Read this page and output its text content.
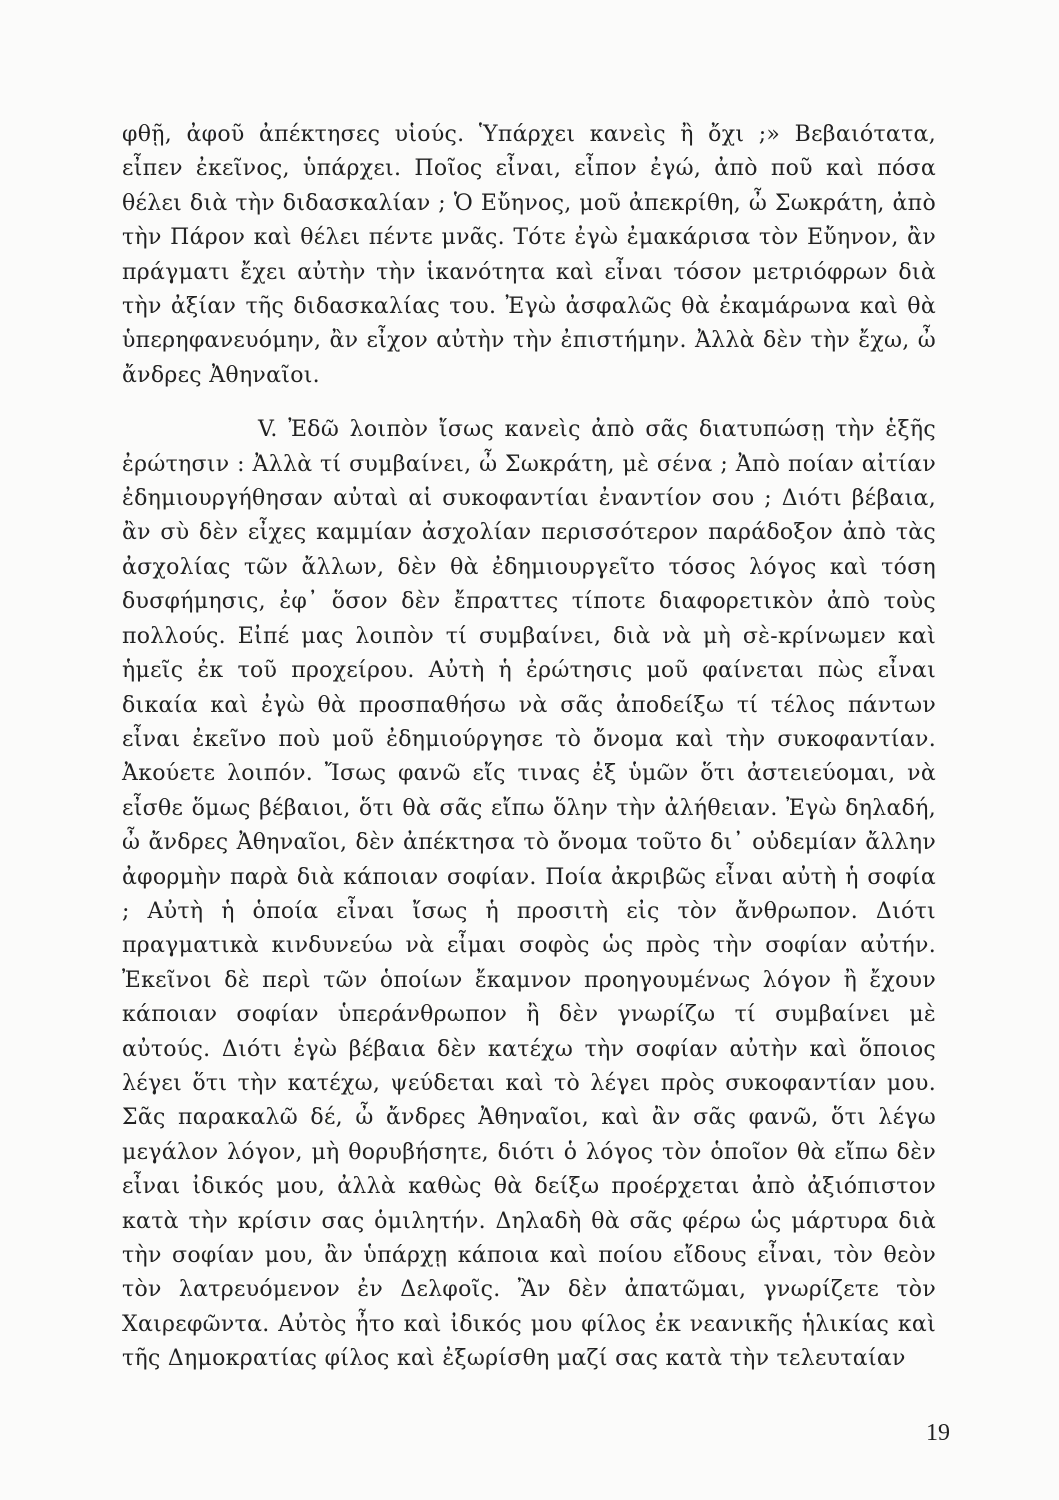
φθῇ, ἀφοῦ ἀπέκτησες υἱούς. Ὑπάρχει κανεὶς ἢ ὄχι ;» Βεβαιότατα, εἶπεν ἐκεῖνος, ὑπάρχει. Ποῖος εἶναι, εἶπον ἐγώ, ἀπὸ ποῦ καὶ πόσα θέλει διὰ τὴν διδασκαλίαν ; Ὁ Εὔηνος, μοῦ ἀπεκρίθη, ὦ Σωκράτη, ἀπὸ τὴν Πάρον καὶ θέλει πέντε μνᾶς. Τότε ἐγὼ ἐμακάρισα τὸν Εὔηνον, ἂν πράγματι ἔχει αὐτὴν τὴν ἱκανότητα καὶ εἶναι τόσον μετριόφρων διὰ τὴν ἀξίαν τῆς διδασκαλίας του. Ἐγὼ ἀσφαλῶς θὰ ἐκαμάρωνα καὶ θὰ ὑπερηφανευόμην, ἂν εἶχον αὐτὴν τὴν ἐπιστήμην. Ἀλλὰ δὲν τὴν ἔχω, ὦ ἄνδρες Ἀθηναῖοι.

V. Ἐδῶ λοιπὸν ἴσως κανεὶς ἀπὸ σᾶς διατυπώσῃ τὴν ἑξῆς ἐρώτησιν : Ἀλλὰ τί συμβαίνει, ὦ Σωκράτη, μὲ σένα ; Ἀπὸ ποίαν αἰτίαν ἐδημιουργήθησαν αὐταὶ αἱ συκοφαντίαι ἐναντίον σου ; Διότι βέβαια, ἂν σὺ δὲν εἶχες καμμίαν ἀσχολίαν περισσότερον παράδοξον ἀπὸ τὰς ἀσχολίας τῶν ἄλλων, δὲν θὰ ἐδημιουργεῖτο τόσος λόγος καὶ τόση δυσφήμησις, ἐφ᾽ ὅσον δὲν ἔπραττες τίποτε διαφορετικὸν ἀπὸ τοὺς πολλούς. Εἰπέ μας λοιπὸν τί συμβαίνει, διὰ νὰ μὴ σὲ-κρίνωμεν καὶ ἡμεῖς ἐκ τοῦ προχείρου. Αὐτὴ ἡ ἐρώτησις μοῦ φαίνεται πὼς εἶναι δικαία καὶ ἐγὼ θὰ προσπαθήσω νὰ σᾶς ἀποδείξω τί τέλος πάντων εἶναι ἐκεῖνο ποὺ μοῦ ἐδημιούργησε τὸ ὄνομα καὶ τὴν συκοφαντίαν. Ἀκούετε λοιπόν. Ἴσως φανῶ εἴς τινας ἐξ ὑμῶν ὅτι ἀστειεύομαι, νὰ εἶσθε ὅμως βέβαιοι, ὅτι θὰ σᾶς εἴπω ὅλην τὴν ἀλήθειαν. Ἐγὼ δηλαδή, ὦ ἄνδρες Ἀθηναῖοι, δὲν ἀπέκτησα τὸ ὄνομα τοῦτο δι᾽ οὐδεμίαν ἄλλην ἀφορμὴν παρὰ διὰ κάποιαν σοφίαν. Ποία ἀκριβῶς εἶναι αὐτὴ ἡ σοφία ; Αὐτὴ ἡ ὁποία εἶναι ἴσως ἡ προσιτὴ εἰς τὸν ἄνθρωπον. Διότι πραγματικὰ κινδυνεύω νὰ εἶμαι σοφὸς ὡς πρὸς τὴν σοφίαν αὐτήν. Ἐκεῖνοι δὲ περὶ τῶν ὁποίων ἔκαμνον προηγουμένως λόγον ἢ ἔχουν κάποιαν σοφίαν ὑπεράνθρωπον ἢ δὲν γνωρίζω τί συμβαίνει μὲ αὐτούς. Διότι ἐγὼ βέβαια δὲν κατέχω τὴν σοφίαν αὐτὴν καὶ ὅποιος λέγει ὅτι τὴν κατέχω, ψεύδεται καὶ τὸ λέγει πρὸς συκοφαντίαν μου. Σᾶς παρακαλῶ δέ, ὦ ἄνδρες Ἀθηναῖοι, καὶ ἂν σᾶς φανῶ, ὅτι λέγω μεγάλον λόγον, μὴ θορυβήσητε, διότι ὁ λόγος τὸν ὁποῖον θὰ εἴπω δὲν εἶναι ἰδικός μου, ἀλλὰ καθὼς θὰ δείξω προέρχεται ἀπὸ ἀξιόπιστον κατὰ τὴν κρίσιν σας ὁμιλητήν. Δηλαδὴ θὰ σᾶς φέρω ὡς μάρτυρα διὰ τὴν σοφίαν μου, ἂν ὑπάρχῃ κάποια καὶ ποίου εἴδους εἶναι, τὸν θεὸν τὸν λατρευόμενον ἐν Δελφοῖς. Ἂν δὲν ἀπατῶμαι, γνωρίζετε τὸν Χαιρεφῶντα. Αὐτὸς ἦτο καὶ ἰδικός μου φίλος ἐκ νεανικῆς ἡλικίας καὶ τῆς Δημοκρατίας φίλος καὶ ἐξωρίσθη μαζί σας κατὰ τὴν τελευταίαν

19
